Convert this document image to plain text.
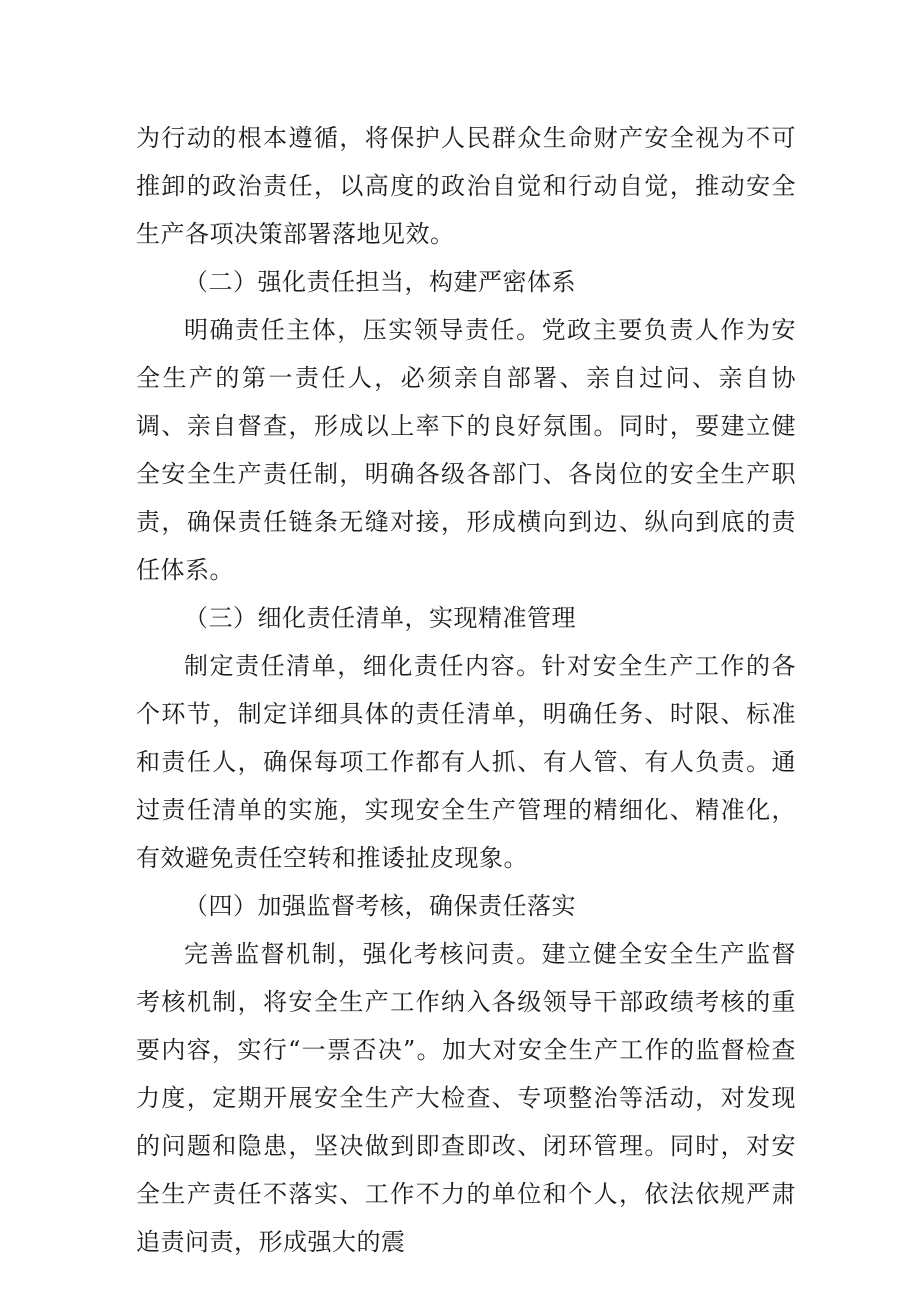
为行动的根本遵循，将保护人民群众生命财产安全视为不可推卸的政治责任，以高度的政治自觉和行动自觉，推动安全生产各项决策部署落地见效。

（二）强化责任担当，构建严密体系

明确责任主体，压实领导责任。党政主要负责人作为安全生产的第一责任人，必须亲自部署、亲自过问、亲自协调、亲自督查，形成以上率下的良好氛围。同时，要建立健全安全生产责任制，明确各级各部门、各岗位的安全生产职责，确保责任链条无缝对接，形成横向到边、纵向到底的责任体系。

（三）细化责任清单，实现精准管理

制定责任清单，细化责任内容。针对安全生产工作的各个环节，制定详细具体的责任清单，明确任务、时限、标准和责任人，确保每项工作都有人抓、有人管、有人负责。通过责任清单的实施，实现安全生产管理的精细化、精准化，有效避免责任空转和推诿扯皮现象。

（四）加强监督考核，确保责任落实

完善监督机制，强化考核问责。建立健全安全生产监督考核机制，将安全生产工作纳入各级领导干部政绩考核的重要内容，实行“一票否决”。加大对安全生产工作的监督检查力度，定期开展安全生产大检查、专项整治等活动，对发现的问题和隐患，坚决做到即查即改、闭环管理。同时，对安全生产责任不落实、工作不力的单位和个人，依法依规严肃追责问责，形成强大的震
